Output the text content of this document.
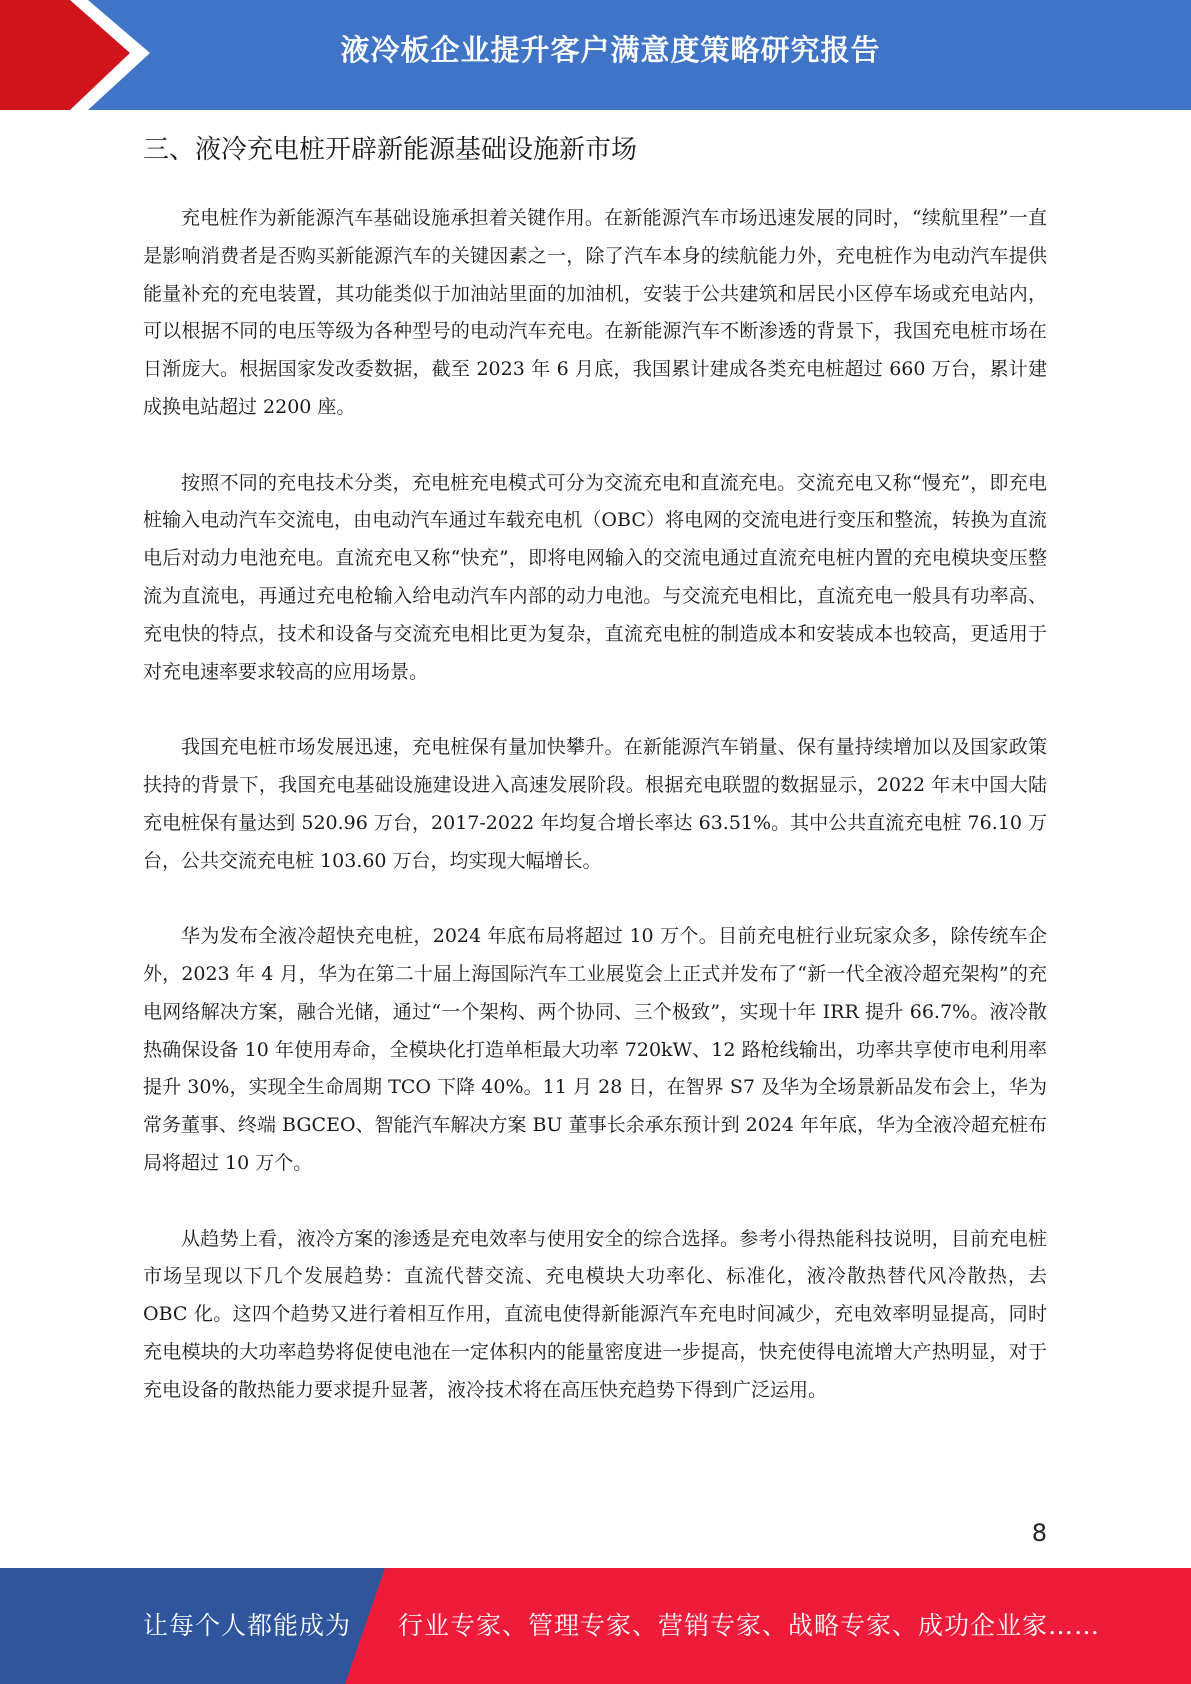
液冷板企业提升客户满意度策略研究报告
三、液冷充电桩开辟新能源基础设施新市场

充电桩作为新能源汽车基础设施承担着关键作用。在新能源汽车市场迅速发展的同时，“续航里程”一直是影响消费者是否购买新能源汽车的关键因素之一，除了汽车本身的续航能力外，充电桩作为电动汽车提供能量补充的充电装置，其功能类似于加油站里面的加油机，安装于公共建筑和居民小区停车场或充电站内，可以根据不同的电压等级为各种型号的电动汽车充电。在新能源汽车不断渗透的背景下，我国充电桩市场在日渐庞大。根据国家发改委数据，截至 2023 年 6 月底，我国累计建成各类充电桩超过 660 万台，累计建成换电站超过 2200 座。

按照不同的充电技术分类，充电桩充电模式可分为交流充电和直流充电。交流充电又称“慢充”，即充电桩输入电动汽车交流电，由电动汽车通过车载充电机（OBC）将电网的交流电进行变压和整流，转换为直流电后对动力电池充电。直流充电又称“快充”，即将电网输入的交流电通过直流充电桩内置的充电模块变压整流为直流电，再通过充电枪输入给电动汽车内部的动力电池。与交流充电相比，直流充电一般具有功率高、充电快的特点，技术和设备与交流充电相比更为复杂，直流充电桩的制造成本和安装成本也较高，更适用于对充电速率要求较高的应用场景。

我国充电桩市场发展迅速，充电桩保有量加快攀升。在新能源汽车销量、保有量持续增加以及国家政策扶持的背景下，我国充电基础设施建设进入高速发展阶段。根据充电联盟的数据显示，2022 年末中国大陆充电桩保有量达到 520.96 万台，2017-2022 年均复合增长率达 63.51%。其中公共直流充电桩 76.10 万台，公共交流充电桩 103.60 万台，均实现大幅增长。

华为发布全液冷超快充电桩，2024 年底布局将超过 10 万个。目前充电桩行业玩家众多，除传统车企外，2023 年 4 月，华为在第二十届上海国际汽车工业展览会上正式并发布了“新一代全液冷超充架构”的充电网络解决方案，融合光储，通过“一个架构、两个协同、三个极致”，实现十年 IRR 提升 66.7%。液冷散热确保设备 10 年使用寿命，全模块化打造单柜最大功率 720kW、12 路枪线输出，功率共享使市电利用率提升 30%，实现全生命周期 TCO 下降 40%。11 月 28 日，在智界 S7 及华为全场景新品发布会上，华为常务董事、终端 BGCEO、智能汽车解决方案 BU 董事长余承东预计到 2024 年年底，华为全液冷超充桩布局将超过 10 万个。

从趋势上看，液冷方案的渗透是充电效率与使用安全的综合选择。参考小得热能科技说明，目前充电桩市场呈现以下几个发展趋势：直流代替交流、充电模块大功率化、标准化，液冷散热替代风冷散热，去 OBC 化。这四个趋势又进行着相互作用，直流电使得新能源汽车充电时间减少，充电效率明显提高，同时充电模块的大功率趋势将促使电池在一定体积内的能量密度进一步提高，快充使得电流增大产热明显，对于充电设备的散热能力要求提升显著，液冷技术将在高压快充趋势下得到广泛运用。

8
让每个人都能成为 行业专家、管理专家、营销专家、战略专家、成功企业家……
